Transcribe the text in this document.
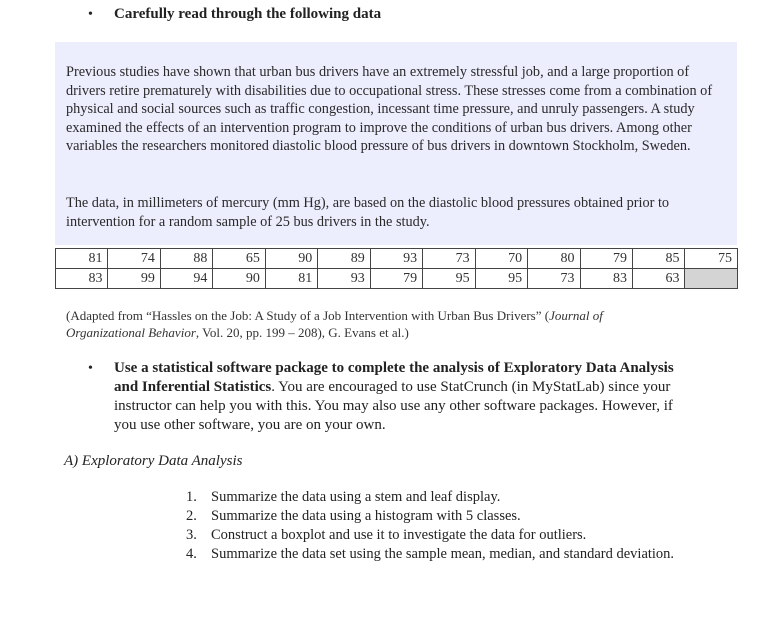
•	Carefully read through the following data

Previous studies have shown that urban bus drivers have an extremely stressful job, and a large proportion of drivers retire prematurely with disabilities due to occupational stress. These stresses come from a combination of physical and social sources such as traffic congestion, incessant time pressure, and unruly passengers. A study examined the effects of an intervention program to improve the conditions of urban bus drivers. Among other variables the researchers monitored diastolic blood pressure of bus drivers in downtown Stockholm, Sweden.

The data, in millimeters of mercury (mm Hg), are based on the diastolic blood pressures obtained prior to intervention for a random sample of 25 bus drivers in the study.

81	74	88	65	90	89	93	73	70	80	79	85	75
83	99	94	90	81	93	79	95	95	73	83	63	
(Adapted from “Hassles on the Job: A Study of a Job Intervention with Urban Bus Drivers” (Journal of Organizational Behavior, Vol. 20, pp. 199 – 208), G. Evans et al.)
•	Use a statistical software package to complete the analysis of Exploratory Data Analysis and Inferential Statistics. You are encouraged to use StatCrunch (in MyStatLab) since your instructor can help you with this. You may also use any other software packages. However, if you use other software, you are on your own.
A) Exploratory Data Analysis
1. Summarize the data using a stem and leaf display.
2. Summarize the data using a histogram with 5 classes.
3. Construct a boxplot and use it to investigate the data for outliers.
4. Summarize the data set using the sample mean, median, and standard deviation.
